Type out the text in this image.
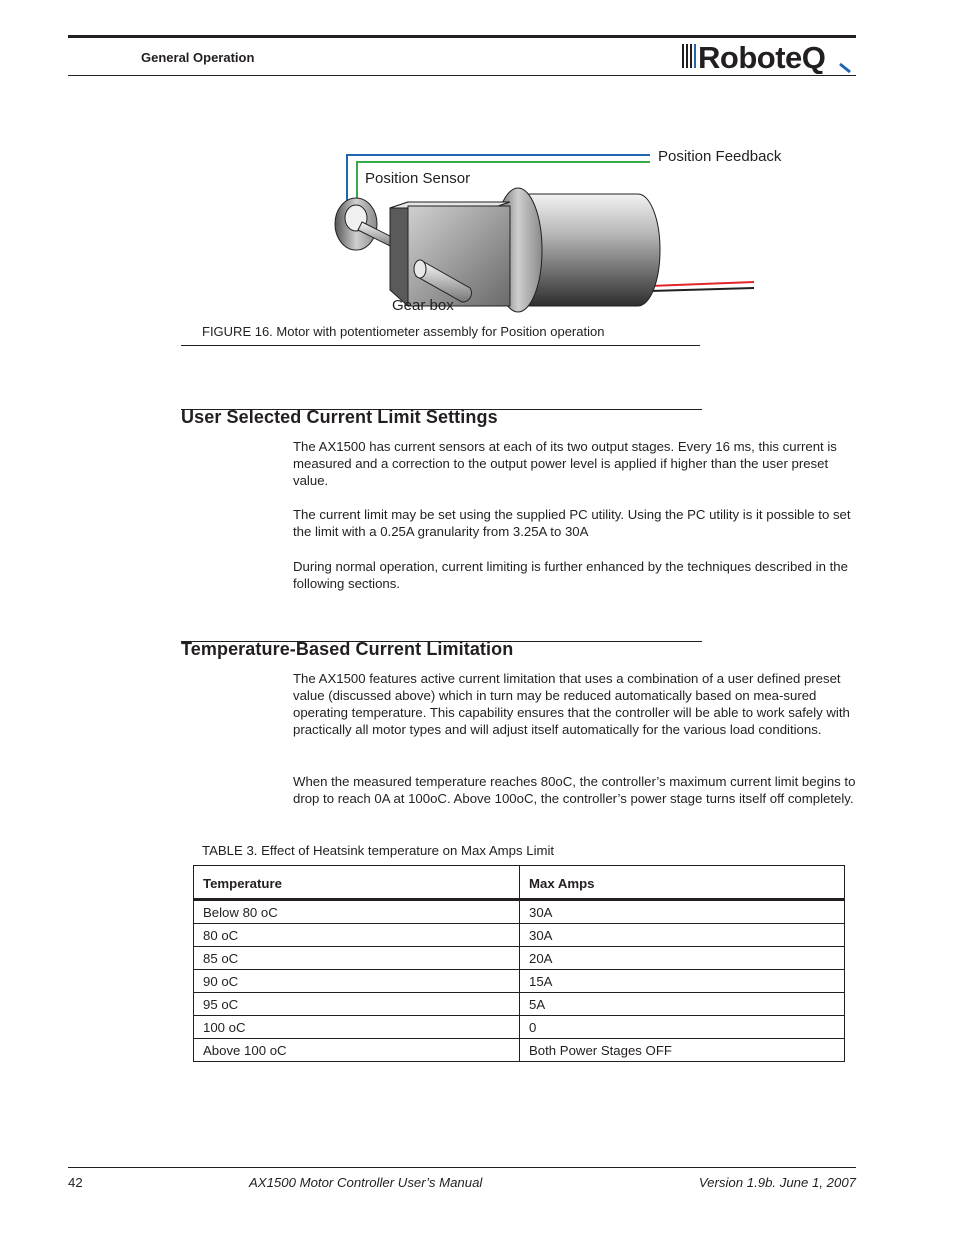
General Operation	RoboteQ
Position Feedback
Position Sensor
Gear box
FIGURE 16. Motor with potentiometer assembly for Position operation
User Selected Current Limit Settings

The AX1500 has current sensors at each of its two output stages. Every 16 ms, this current is measured and a correction to the output power level is applied if higher than the user preset value.

The current limit may be set using the supplied PC utility. Using the PC utility is it possible to set the limit with a 0.25A granularity from 3.25A to 30A

During normal operation, current limiting is further enhanced by the techniques described in the following sections.

Temperature-Based Current Limitation

The AX1500 features active current limitation that uses a combination of a user defined preset value (discussed above) which in turn may be reduced automatically based on mea-sured operating temperature. This capability ensures that the controller will be able to work safely with practically all motor types and will adjust itself automatically for the various load conditions.

When the measured temperature reaches 80oC, the controller’s maximum current limit begins to drop to reach 0A at 100oC. Above 100oC, the controller’s power stage turns itself off completely.

TABLE 3. Effect of Heatsink temperature on Max Amps Limit
Temperature	Max Amps
Below 80 oC	30A
80 oC	30A
85 oC	20A
90 oC	15A
95 oC	5A
100 oC	0
Above 100 oC	Both Power Stages OFF
42	AX1500 Motor Controller User’s Manual	Version 1.9b. June 1, 2007
